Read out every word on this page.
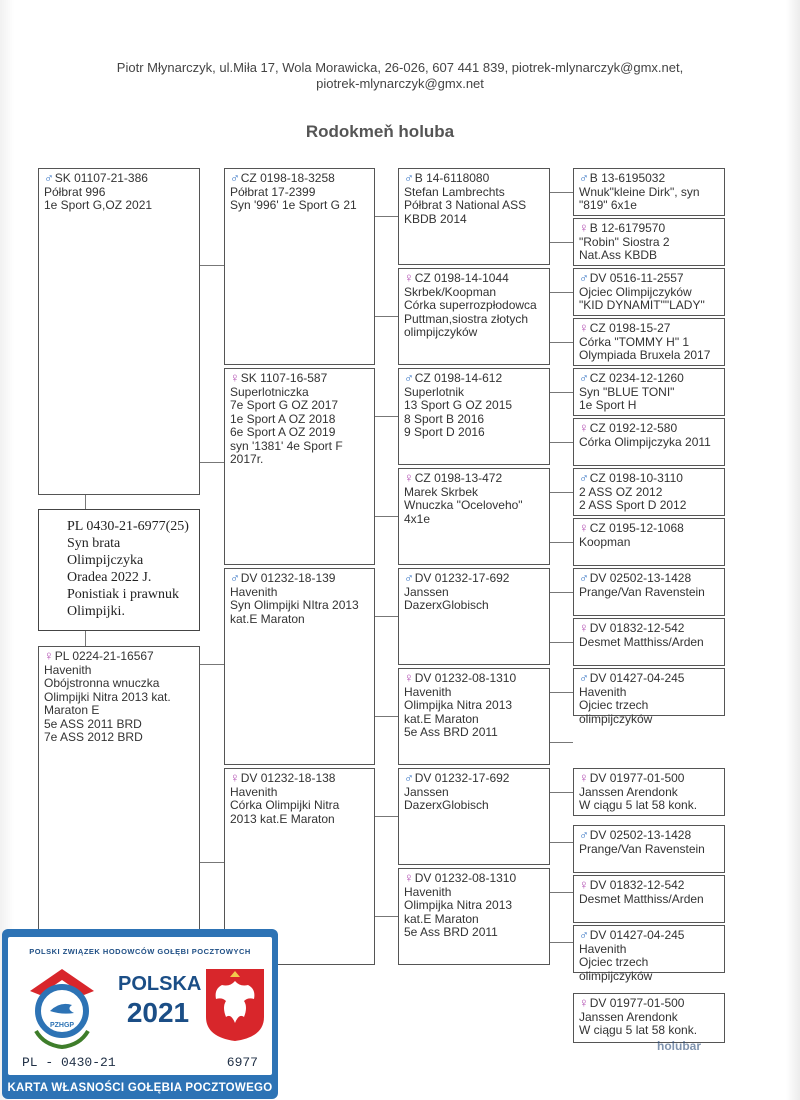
Piotr Młynarczyk, ul.Miła 17, Wola Morawicka, 26-026, 607 441 839, piotrek-mlynarczyk@gmx.net,
piotrek-mlynarczyk@gmx.net
Rodokmeň holuba
♂SK 01107-21-386
Półbrat 996
1e Sport G,OZ 2021
♀PL 0224-21-16567
Havenith
Obójstronna wnuczka
Olimpijki Nitra 2013 kat.
Maraton E
5e ASS 2011 BRD
7e ASS 2012 BRD
♂CZ 0198-18-3258
Półbrat 17-2399
Syn '996' 1e Sport G 21
♀SK 1107-16-587
Superlotniczka
7e Sport G OZ 2017
1e Sport A OZ 2018
6e Sport A OZ 2019
syn '1381' 4e Sport F
2017r.
♂DV 01232-18-139
Havenith
Syn Olimpijki NItra 2013
kat.E Maraton
♀DV 01232-18-138
Havenith
Córka Olimpijki Nitra
2013 kat.E Maraton
♂B 14-6118080
Stefan Lambrechts
Półbrat 3 National ASS
KBDB 2014
♀CZ 0198-14-1044
Skrbek/Koopman
Córka superrozpłodowca
Puttman,siostra złotych
olimpijczyków
♂CZ 0198-14-612
Superlotnik
13 Sport G OZ 2015
8 Sport B 2016
9 Sport D 2016
♀CZ 0198-13-472
Marek Skrbek
Wnuczka "Oceloveho"
4x1e
♂DV 01232-17-692
Janssen
DazerxGlobisch
♀DV 01232-08-1310
Havenith
Olimpijka Nitra 2013
kat.E Maraton
5e Ass BRD 2011
♂DV 01232-17-692
Janssen
DazerxGlobisch
♀DV 01232-08-1310
Havenith
Olimpijka Nitra 2013
kat.E Maraton
5e Ass BRD 2011
♂B 13-6195032
Wnuk"kleine Dirk", syn
"819" 6x1e
♀B 12-6179570
"Robin" Siostra 2
Nat.Ass KBDB
♂DV 0516-11-2557
Ojciec Olimpijczyków
"KID DYNAMIT""LADY"
♀CZ 0198-15-27
Córka "TOMMY H" 1
Olympiada Bruxela 2017
♂CZ 0234-12-1260
Syn "BLUE TONI"
1e Sport H
♀CZ 0192-12-580
Córka Olimpijczyka 2011
♂CZ 0198-10-3110
2 ASS OZ 2012
2 ASS Sport D 2012
♀CZ 0195-12-1068
Koopman
♂DV 02502-13-1428
Prange/Van Ravenstein
♀DV 01832-12-542
Desmet Matthiss/Arden
♂DV 01427-04-245
Havenith
Ojciec trzech
olimpijczyków
♀DV 01977-01-500
Janssen Arendonk
W ciągu 5 lat 58 konk.
♂DV 02502-13-1428
Prange/Van Ravenstein
♀DV 01832-12-542
Desmet Matthiss/Arden
♂DV 01427-04-245
Havenith
Ojciec trzech
olimpijczyków
♀DV 01977-01-500
Janssen Arendonk
W ciągu 5 lat 58 konk.
PL 0430-21-6977(25)
Syn brata
Olimpijczyka
Oradea 2022 J.
Ponistiak i prawnuk
Olimpijki.
POLSKI ZWIĄZEK HODOWCÓW GOŁĘBI POCZTOWYCH
PZHGP
POLSKA
2021
PL - 0430-21	6977
KARTA WŁASNOŚCI GOŁĘBIA POCZTOWEGO
holubar
